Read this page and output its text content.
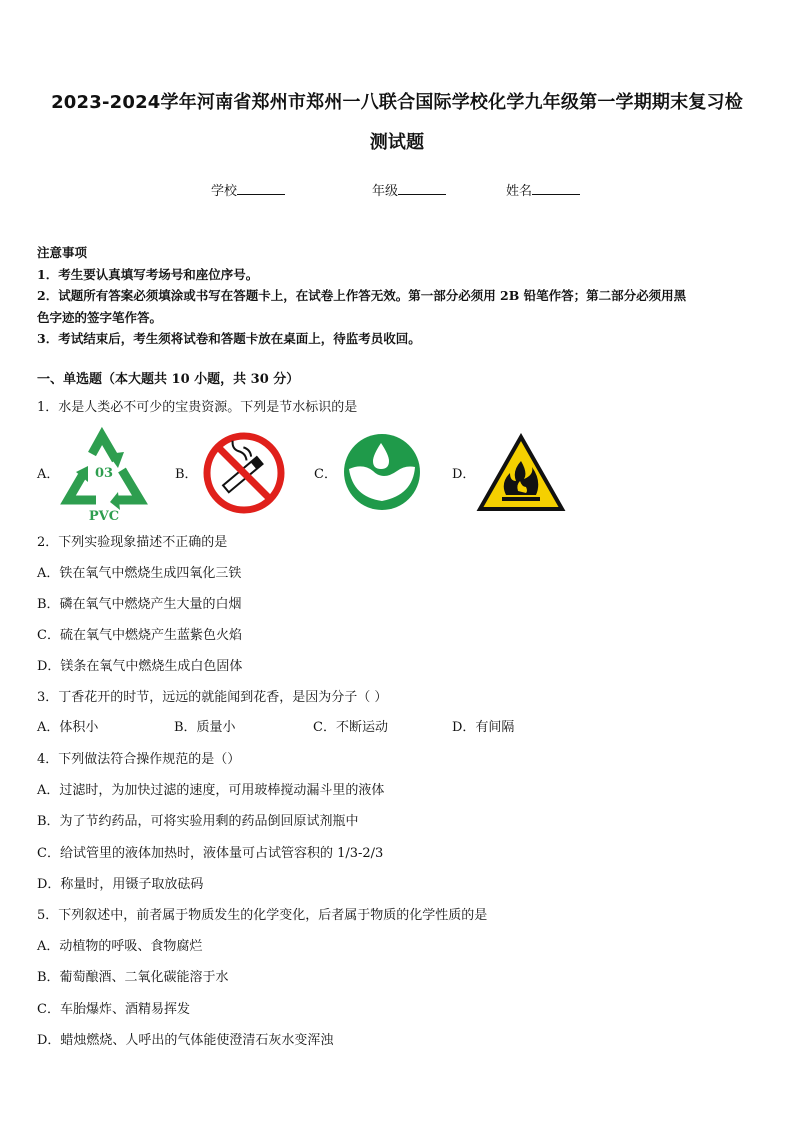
2023-2024学年河南省郑州市郑州一八联合国际学校化学九年级第一学期期末复习检
测试题
学校	年级	姓名
注意事项
1．考生要认真填写考场号和座位序号。
2．试题所有答案必须填涂或书写在答题卡上，在试卷上作答无效。第一部分必须用 2B 铅笔作答；第二部分必须用黑
色字迹的签字笔作答。
3．考试结束后，考生须将试卷和答题卡放在桌面上，待监考员收回。
一、单选题（本大题共 10 小题，共 30 分）
1．水是人类必不可少的宝贵资源。下列是节水标识的是
A．	03
PVC
B．	C．	D．
2．下列实验现象描述不正确的是
A．铁在氧气中燃烧生成四氧化三铁
B．磷在氧气中燃烧产生大量的白烟
C．硫在氧气中燃烧产生蓝紫色火焰
D．镁条在氧气中燃烧生成白色固体
3．丁香花开的时节，远远的就能闻到花香，是因为分子（ ）
A．体积小	B．质量小	C．不断运动	D．有间隔
4．下列做法符合操作规范的是（）
A．过滤时，为加快过滤的速度，可用玻棒搅动漏斗里的液体
B．为了节约药品，可将实验用剩的药品倒回原试剂瓶中
C．给试管里的液体加热时，液体量可占试管容积的 1/3-2/3
D．称量时，用镊子取放砝码
5．下列叙述中，前者属于物质发生的化学变化，后者属于物质的化学性质的是
A．动植物的呼吸、食物腐烂
B．葡萄酿酒、二氧化碳能溶于水
C．车胎爆炸、酒精易挥发
D．蜡烛燃烧、人呼出的气体能使澄清石灰水变浑浊
